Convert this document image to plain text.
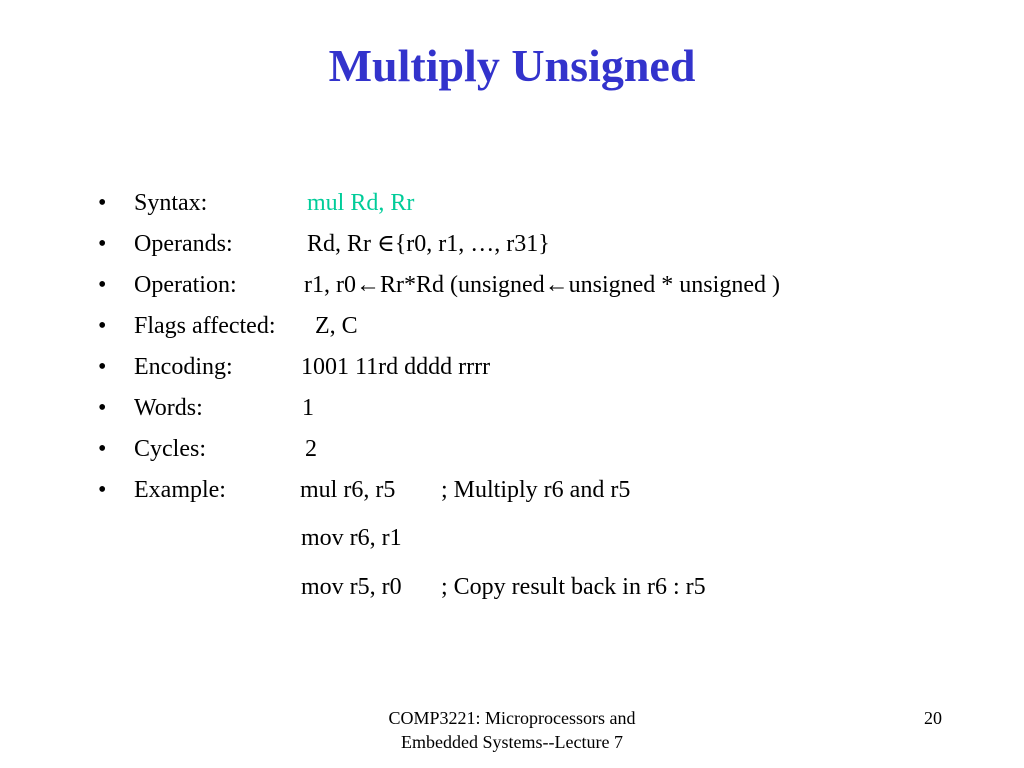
Multiply Unsigned
• Syntax:	mul Rd, Rr
• Operands:	Rd, Rr ∈{r0, r1, …, r31}
• Operation:	r1, r0←Rr*Rd (unsigned←unsigned * unsigned )
• Flags affected: Z, C
• Encoding:	1001 11rd dddd rrrr
• Words:	1
• Cycles:	2
• Example:	mul r6, r5 ; Multiply r6 and r5
mov r6, r1
mov r5, r0 ; Copy result back in r6 : r5
COMP3221: Microprocessors and
Embedded Systems--Lecture 7
20
